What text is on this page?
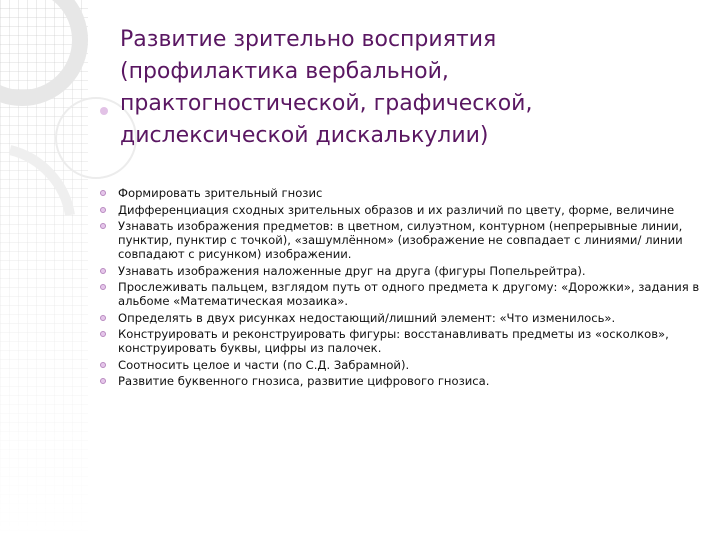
Развитие зрительно восприятия
(профилактика вербальной,
практогностической, графической,
дислексической дискалькулии)
Формировать зрительный гнозис
Дифференциация сходных зрительных образов и их различий по цвету, форме, величине
Узнавать изображения предметов: в цветном, силуэтном, контурном (непрерывные линии, пунктир, пунктир с точкой), «зашумлённом» (изображение не совпадает с линиями/ линии совпадают с рисунком) изображении.
Узнавать изображения наложенные друг на друга (фигуры Попельрейтра).
Прослеживать пальцем, взглядом путь от одного предмета к другому: «Дорожки», задания в альбоме «Математическая мозаика».
Определять в двух рисунках недостающий/лишний элемент: «Что изменилось».
Конструировать и реконструировать фигуры: восстанавливать предметы из «осколков», конструировать буквы, цифры из палочек.
Соотносить целое и части (по С.Д. Забрамной).
Развитие буквенного гнозиса, развитие цифрового гнозиса.
